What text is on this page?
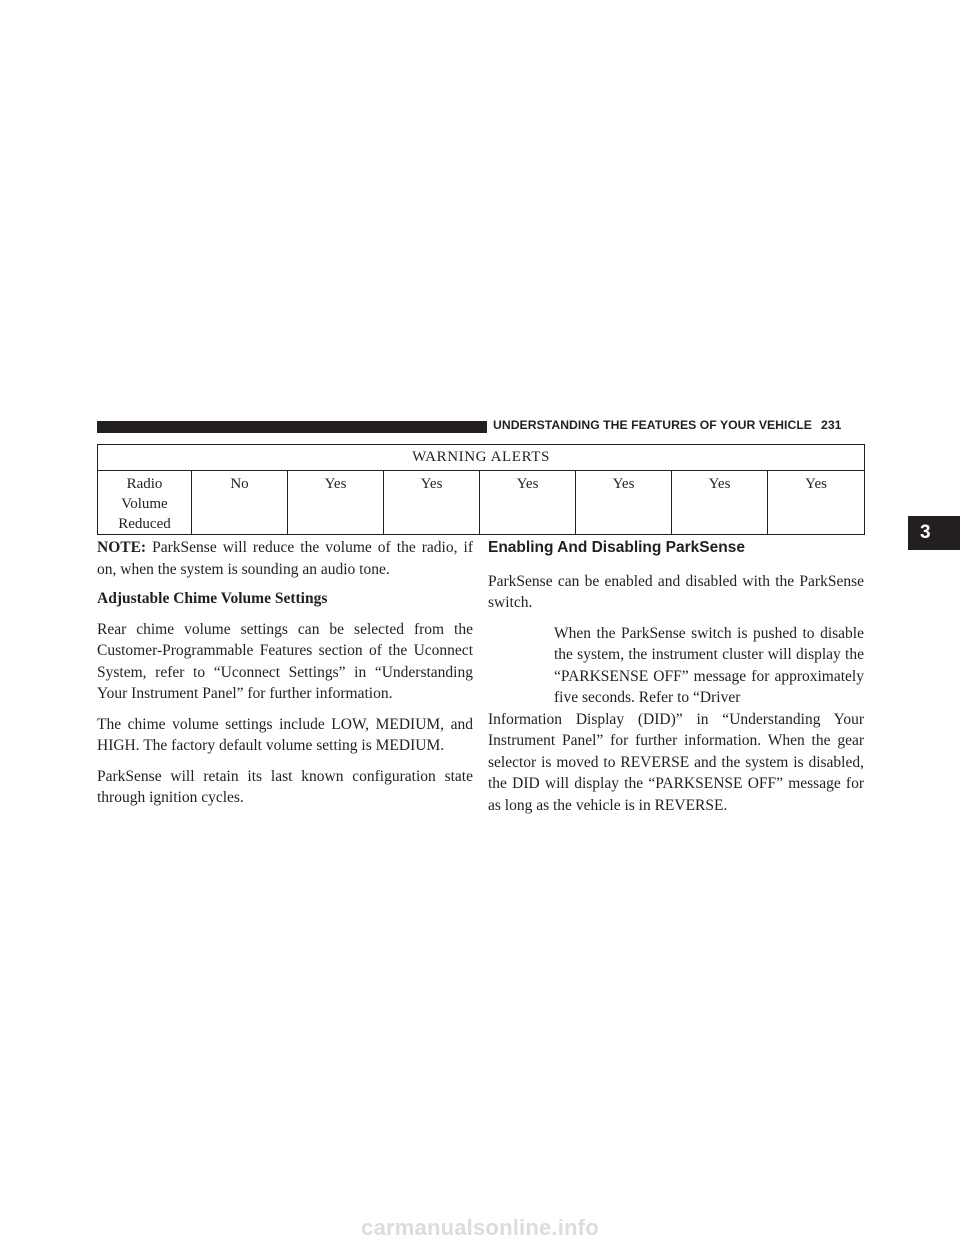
UNDERSTANDING THE FEATURES OF YOUR VEHICLE 231
WARNING ALERTS
Radio
Volume
Reduced	No	Yes	Yes	Yes	Yes	Yes	Yes

NOTE: ParkSense will reduce the volume of the radio, if on, when the system is sounding an audio tone.

Adjustable Chime Volume Settings

Rear chime volume settings can be selected from the Customer-Programmable Features section of the Uconnect System, refer to “Uconnect Settings” in “Understanding Your Instrument Panel” for further information.

The chime volume settings include LOW, MEDIUM, and HIGH. The factory default volume setting is MEDIUM.

ParkSense will retain its last known configuration state through ignition cycles.

Enabling And Disabling ParkSense

ParkSense can be enabled and disabled with the ParkSense switch.

When the ParkSense switch is pushed to disable the system, the instrument cluster will display the “PARKSENSE OFF” message for approximately five seconds. Refer to “Driver

Information Display (DID)” in “Understanding Your Instrument Panel” for further information. When the gear selector is moved to REVERSE and the system is disabled, the DID will display the “PARKSENSE OFF” message for as long as the vehicle is in REVERSE.

3
carmanualsonline.info
